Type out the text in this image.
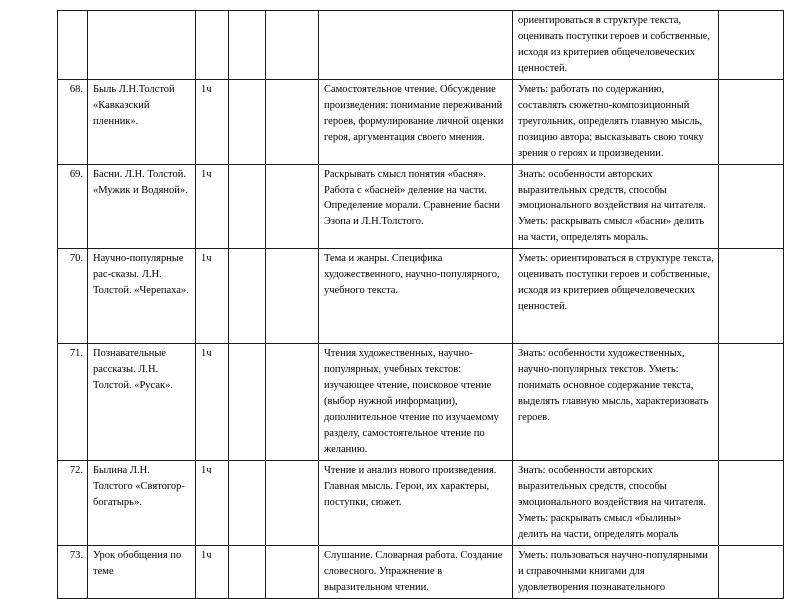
						ориентироваться в структуре текста, оценивать поступки героев и собственные, исходя из критериев общечеловеческих ценностей.	
68.	Быль Л.Н.Толстой «Кавказский пленник».	1ч			Самостоятельное чтение. Обсуждение произведения: понимание переживаний героев, формулирование личной оценки героя, аргументация своего мнения.	Уметь: работать по содержанию, составлять сюжетно-композиционный треугольник, определять главную мысль, позицию автора; высказывать свою точку зрения о героях и произведении.	
69.	Басни. Л.Н. Толстой. «Мужик и Водяной».	1ч			Раскрывать смысл понятия «басня». Работа с «басней» деление на части. Определение морали. Сравнение басни Эзопа и Л.Н.Толстого.	Знать: особенности авторских выразительных средств, способы эмоционального воздействия на читателя. Уметь: раскрывать смысл «басни» делить на части, определять мораль.	
70.	Научно-популярные рас-сказы. Л.Н. Толстой. «Черепаха».	1ч			Тема и жанры. Специфика художественного, научно-популярного, учебного текста.	Уметь: ориентироваться в структуре текста, оценивать поступки героев и собственные, исходя из критериев общечеловеческих ценностей.	
71.	Познавательные рассказы. Л.Н. Толстой. «Русак».	1ч			Чтения художественных, научно-популярных, учебных текстов: изучающее чтение, поисковое чтение (выбор нужной информации), дополнительное чтение по изучаемому разделу, самостоятельное чтение по желанию.	Знать: особенности художественных, научно-популярных текстов. Уметь: понимать основное содержание текста, выделять главную мысль, характеризовать героев.	
72.	Былина Л.Н. Толстого «Святогор-богатырь».	1ч			Чтение и анализ нового произведения. Главная мысль. Герои, их характеры, поступки, сюжет.	Знать: особенности авторских выразительных средств, способы эмоционального воздействия на читателя. Уметь: раскрывать смысл «былины» делить на части, определять мораль	
73.	Урок обобщения по теме	1ч			Слушание. Словарная работа. Создание словесного. Упражнение в выразительном чтении.	Уметь: пользоваться научно-популярными и справочными книгами для удовлетворения познавательного	
